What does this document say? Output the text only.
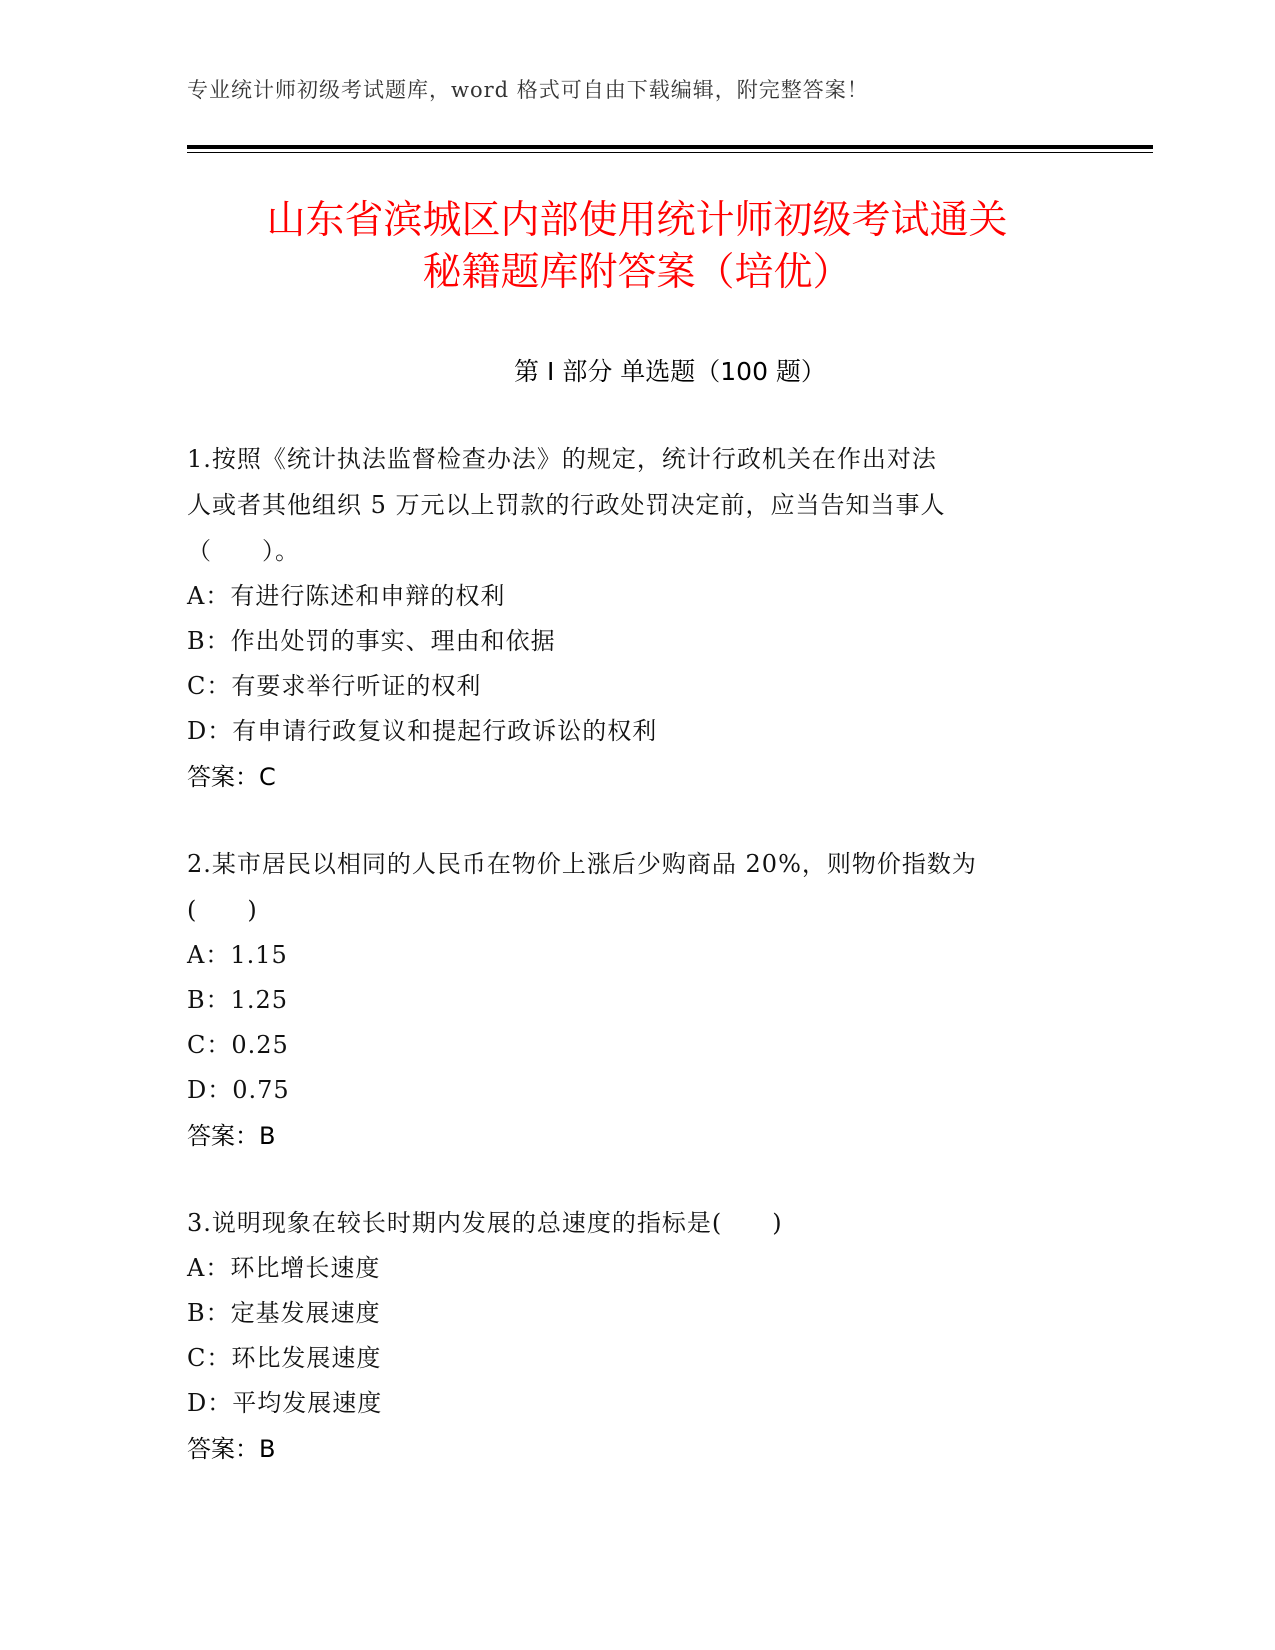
专业统计师初级考试题库，word 格式可自由下载编辑，附完整答案！
山东省滨城区内部使用统计师初级考试通关
秘籍题库附答案（培优）
第 I 部分 单选题（100 题）
1.按照《统计执法监督检查办法》的规定，统计行政机关在作出对法
人或者其他组织 5 万元以上罚款的行政处罚决定前，应当告知当事人
（　　）。
A：有进行陈述和申辩的权利
B：作出处罚的事实、理由和依据
C：有要求举行听证的权利
D：有申请行政复议和提起行政诉讼的权利
答案：C
2.某市居民以相同的人民币在物价上涨后少购商品 20%，则物价指数为
(　　)
A：1.15
B：1.25
C：0.25
D：0.75
答案：B
3.说明现象在较长时期内发展的总速度的指标是(　　)
A：环比增长速度
B：定基发展速度
C：环比发展速度
D：平均发展速度
答案：B
